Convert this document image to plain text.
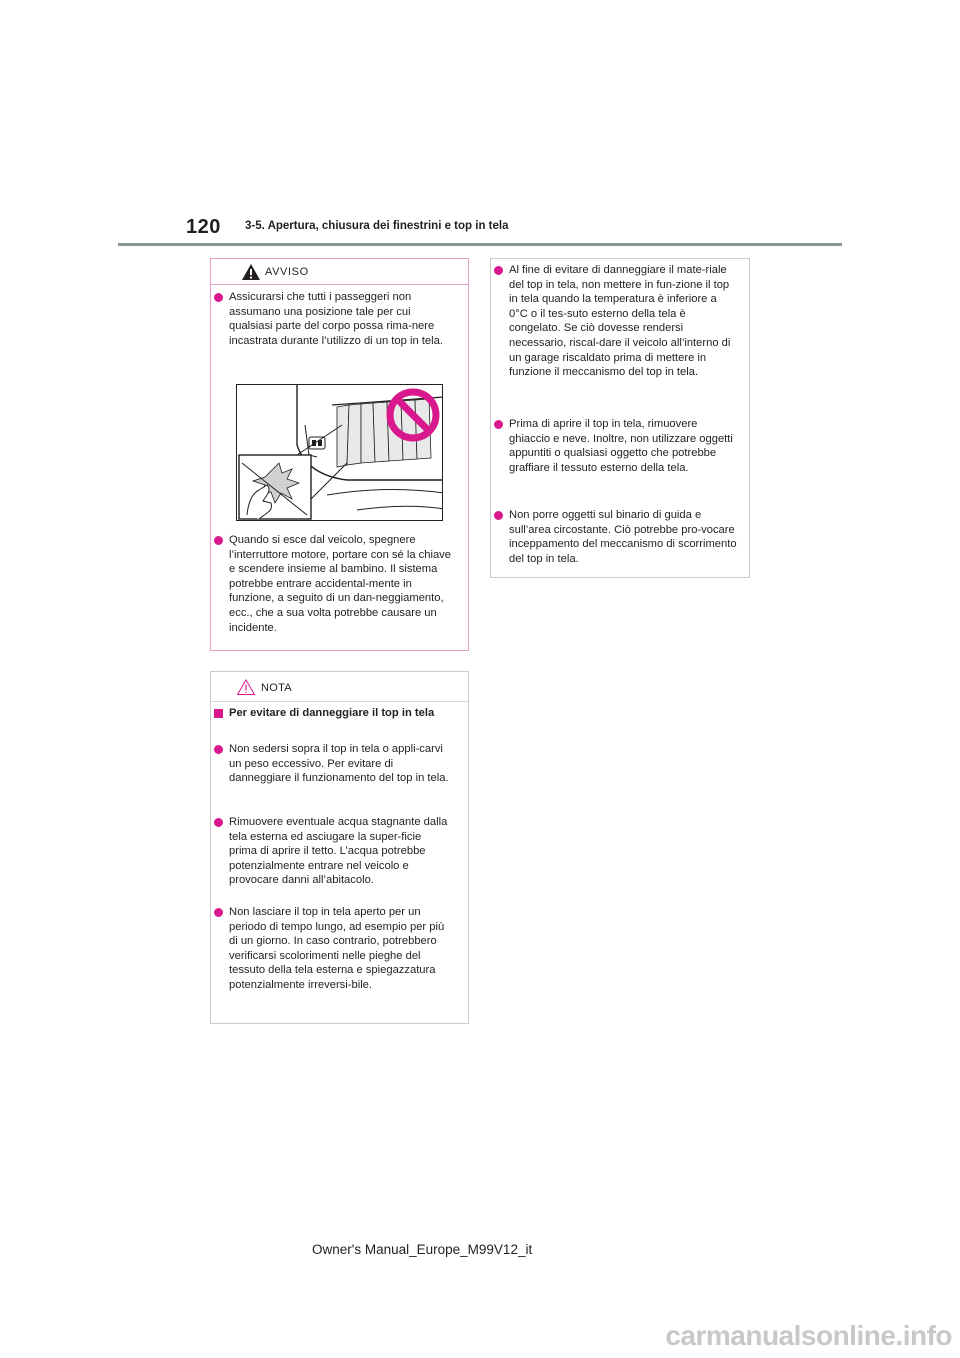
120 3-5. Apertura, chiusura dei finestrini e top in tela
AVVISO
Assicurarsi che tutti i passeggeri non assumano una posizione tale per cui qualsiasi parte del corpo possa rima-nere incastrata durante l’utilizzo di un top in tela.
Quando si esce dal veicolo, spegnere l’interruttore motore, portare con sé la chiave e scendere insieme al bambino. Il sistema potrebbe entrare accidental-mente in funzione, a seguito di un dan-neggiamento, ecc., che a sua volta potrebbe causare un incidente.
NOTA
Per evitare di danneggiare il top in tela
Non sedersi sopra il top in tela o appli-carvi un peso eccessivo. Per evitare di danneggiare il funzionamento del top in tela.
Rimuovere eventuale acqua stagnante dalla tela esterna ed asciugare la super-ficie prima di aprire il tetto. L’acqua potrebbe potenzialmente entrare nel veicolo e provocare danni all’abitacolo.
Non lasciare il top in tela aperto per un periodo di tempo lungo, ad esempio per più di un giorno. In caso contrario, potrebbero verificarsi scolorimenti nelle pieghe del tessuto della tela esterna e spiegazzatura potenzialmente irreversi-bile.
Al fine di evitare di danneggiare il mate-riale del top in tela, non mettere in fun-zione il top in tela quando la temperatura è inferiore a 0°C o il tes-suto esterno della tela è congelato. Se ciò dovesse rendersi necessario, riscal-dare il veicolo all’interno di un garage riscaldato prima di mettere in funzione il meccanismo del top in tela.
Prima di aprire il top in tela, rimuovere ghiaccio e neve. Inoltre, non utilizzare oggetti appuntiti o qualsiasi oggetto che potrebbe graffiare il tessuto esterno della tela.
Non porre oggetti sul binario di guida e sull’area circostante. Ciò potrebbe pro-vocare inceppamento del meccanismo di scorrimento del top in tela.
Owner's Manual_Europe_M99V12_it
carmanualsonline.info
